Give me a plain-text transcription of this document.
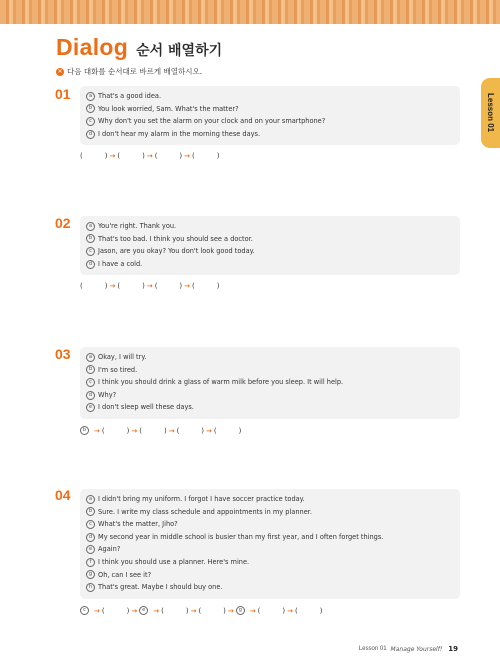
Dialog 순서 배열하기
✕ 다음 대화를 순서대로 바르게 배열하시오.
Lesson 01
01	a That's a good idea.
b You look worried, Sam. What's the matter?
c Why don't you set the alarm on your clock and on your smartphone?
d I don't hear my alarm in the morning these days.
(	) → (	) → (	) → (	)
02	a You're right. Thank you.
b That's too bad. I think you should see a doctor.
c Jason, are you okay? You don't look good today.
d I have a cold.
(	) → (	) → (	) → (	)
03	a Okay, I will try.
b I'm so tired.
c I think you should drink a glass of warm milk before you sleep. It will help.
d Why?
e I don't sleep well these days.
b	→ (	) → (	) → (	) → (	)
04	a I didn't bring my uniform. I forgot I have soccer practice today.
b Sure. I write my class schedule and appointments in my planner.
c What's the matter, Jiho?
d My second year in middle school is busier than my first year, and I often forget things.
e Again?
f	I think you should use a planner. Here's mine.
g Oh, can I see it?
h That's great. Maybe I should buy one.
c	→ (	) → e	→ (	) → (	) → g	→ (	) → (	)
Lesson 01 Manage Yourself! 19
